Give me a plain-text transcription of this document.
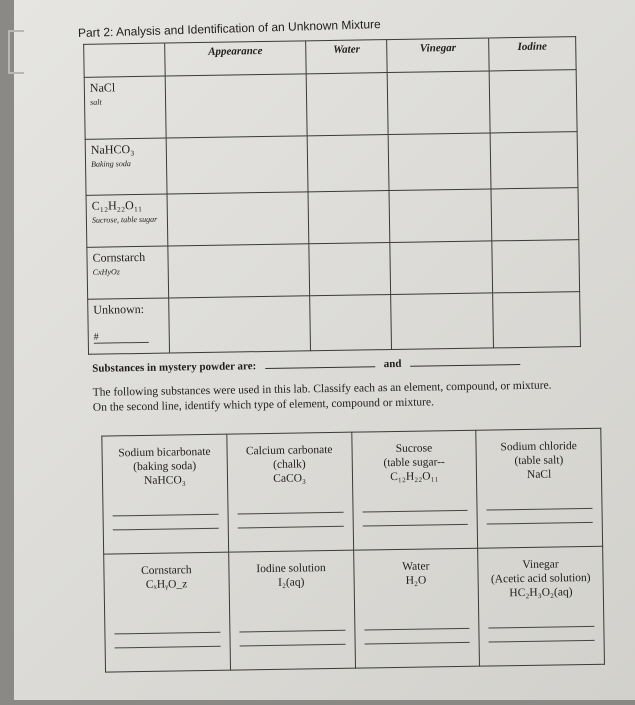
Part 2: Analysis and Identification of an Unknown Mixture
	Appearance	Water	Vinegar	Iodine
NaCl
salt				

NaHCO₃
Baking soda				

C₁₂H₂₂O₁₁
Sucrose, table sugar				

Cornstarch
CxHyOz				

Unknown:
#				

Substances in mystery powder are:	and
The following substances were used in this lab. Classify each as an element, compound, or mixture. On the second line, identify which type of element, compound or mixture.
Sodium bicarbonate
(baking soda)
NaHCO₃	Calcium carbonate
(chalk)
CaCO₃	Sucrose
(table sugar--
C₁₂H₂₂O₁₁	Sodium chloride
(table salt)
NaCl

Cornstarch
CₓHᵧO_z	Iodine solution
I₂(aq)	Water
H₂O	Vinegar
(Acetic acid solution)
HC₂H₃O₂(aq)
